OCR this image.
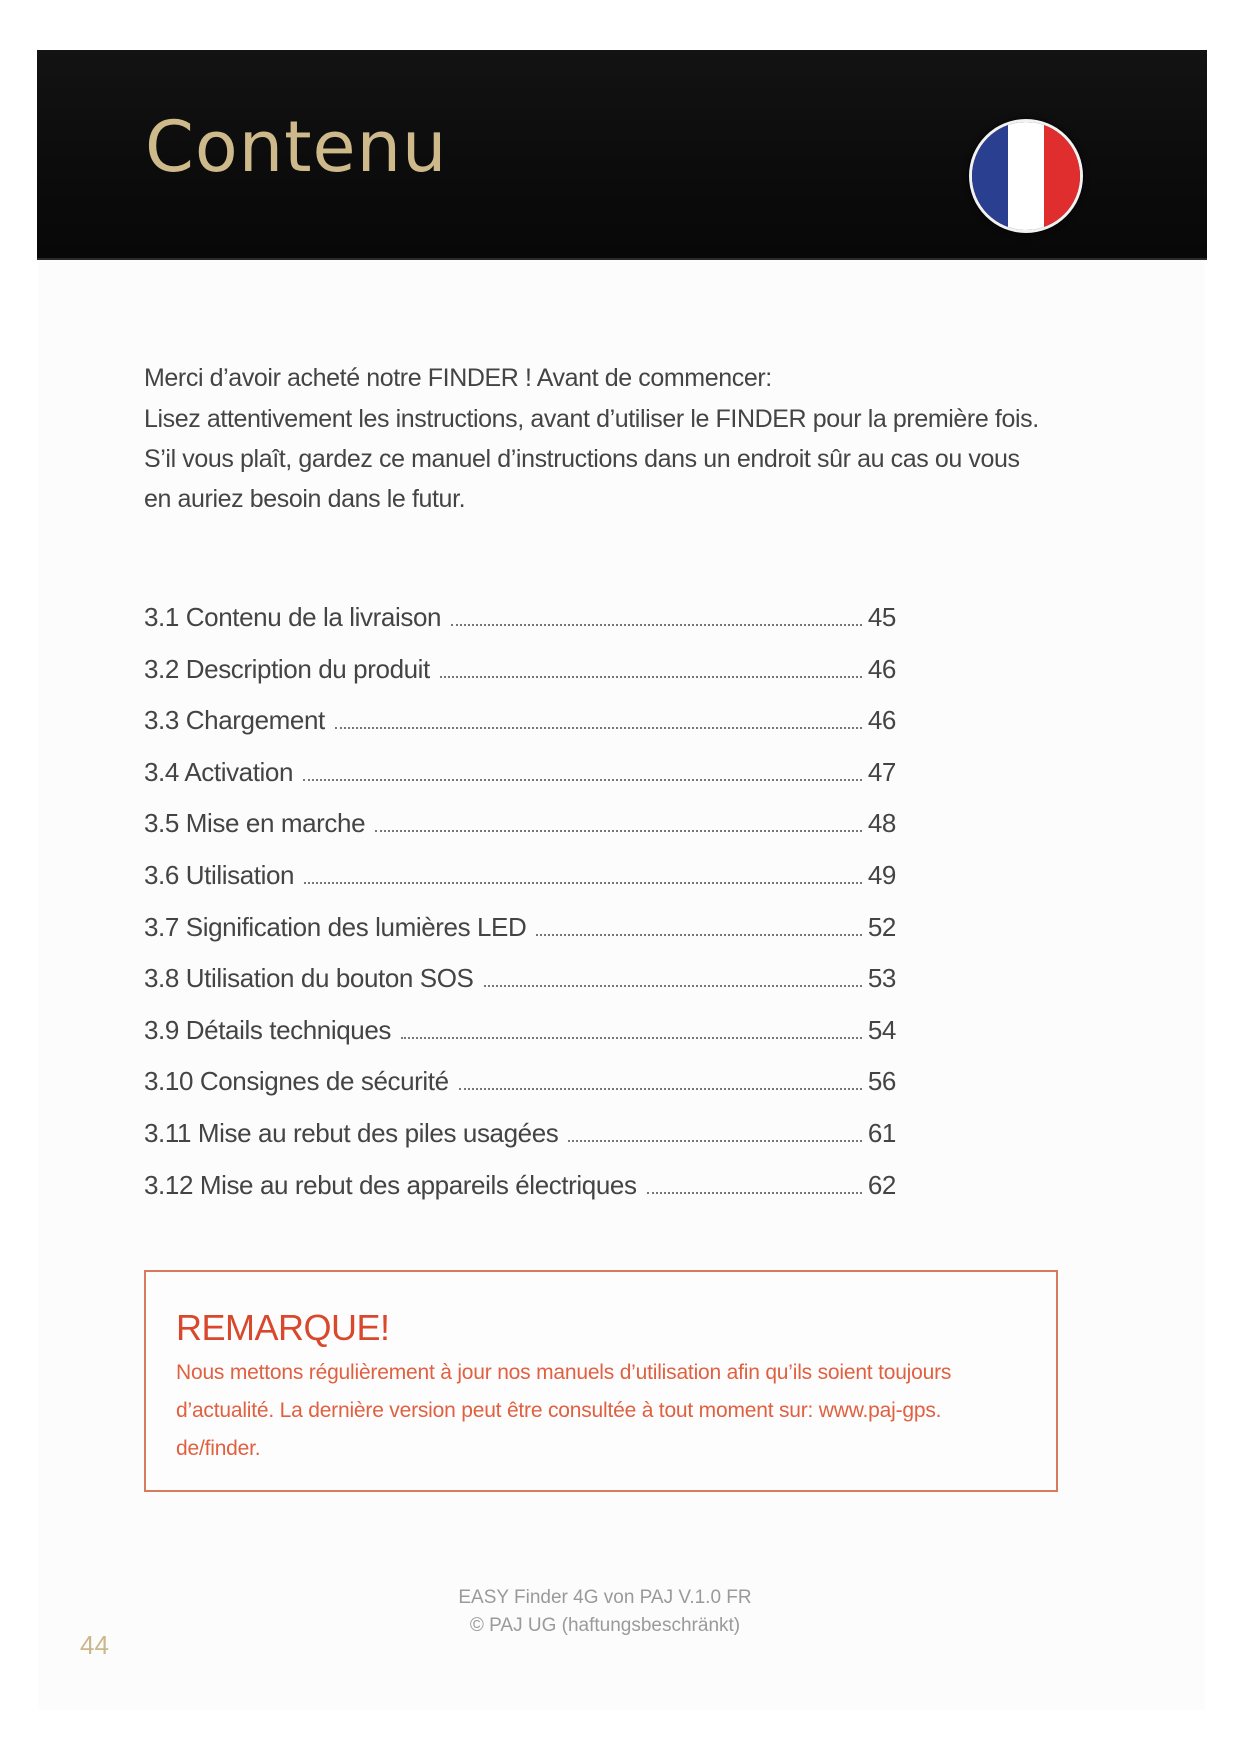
Contenu

Merci d’avoir acheté notre FINDER ! Avant de commencer:

Lisez attentivement les instructions, avant d’utiliser le FINDER pour la première fois. S’il vous plaît, gardez ce manuel d’instructions dans un endroit sûr au cas ou vous en auriez besoin dans le futur.

3.1 Contenu de la livraison	45
3.2 Description du produit	46
3.3 Chargement	46
3.4 Activation	47
3.5 Mise en marche	48
3.6 Utilisation	49
3.7 Signification des lumières LED	52
3.8 Utilisation du bouton SOS	53
3.9 Détails techniques	54
3.10 Consignes de sécurité	56
3.11 Mise au rebut des piles usagées	61
3.12 Mise au rebut des appareils électriques	62
REMARQUE!
Nous mettons régulièrement à jour nos manuels d’utilisation afin qu’ils soient toujours d’actualité. La dernière version peut être consultée à tout moment sur: www.paj-gps. de/finder.
EASY Finder 4G von PAJ V.1.0 FR
© PAJ UG (haftungsbeschränkt)
44
